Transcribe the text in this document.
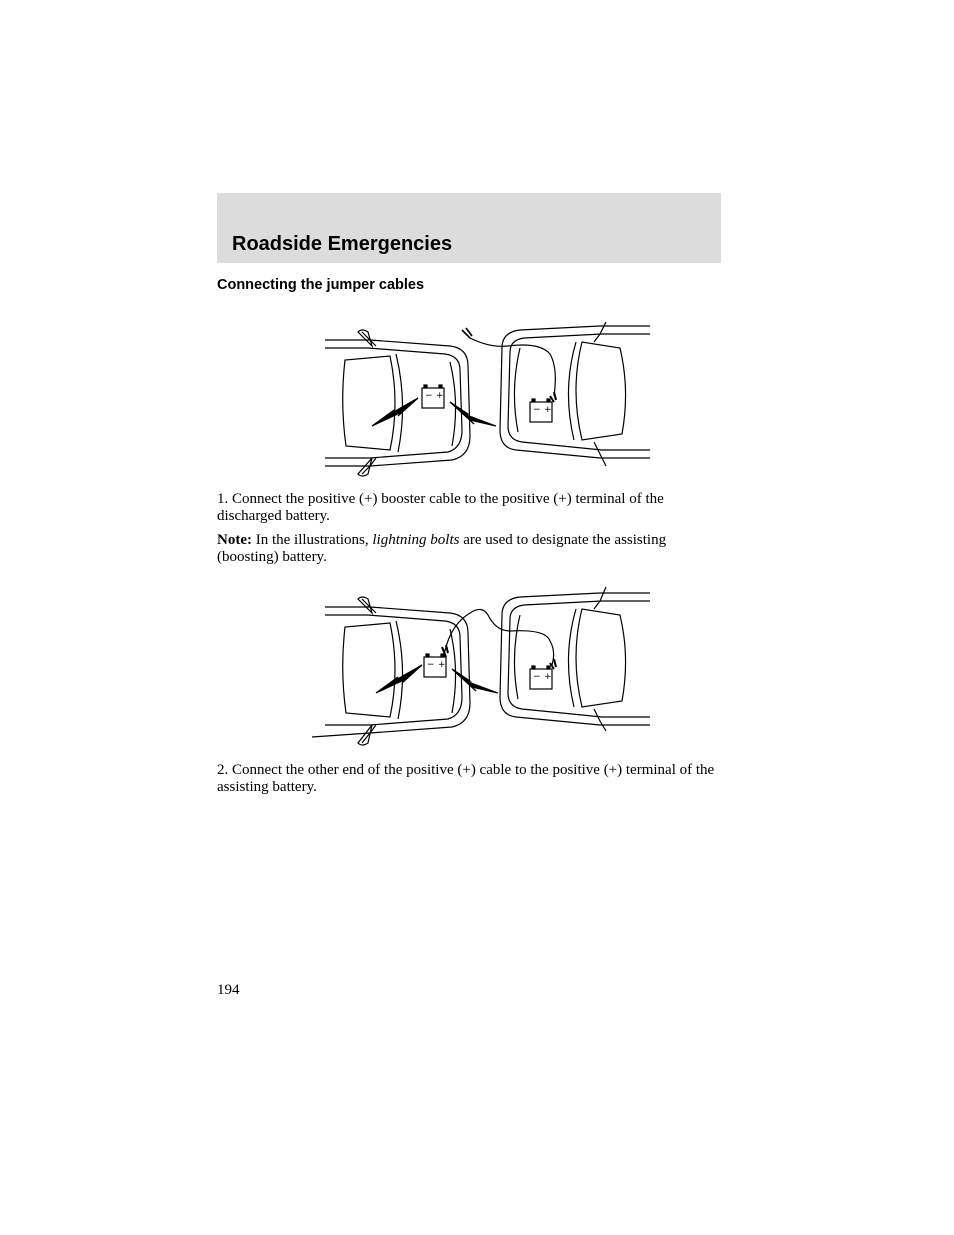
Roadside Emergencies
Connecting the jumper cables
− +
− +

1. Connect the positive (+) booster cable to the positive (+) terminal of the discharged battery.

Note: In the illustrations, lightning bolts are used to designate the assisting (boosting) battery.

− +
− +

2. Connect the other end of the positive (+) cable to the positive (+) terminal of the assisting battery.

194
